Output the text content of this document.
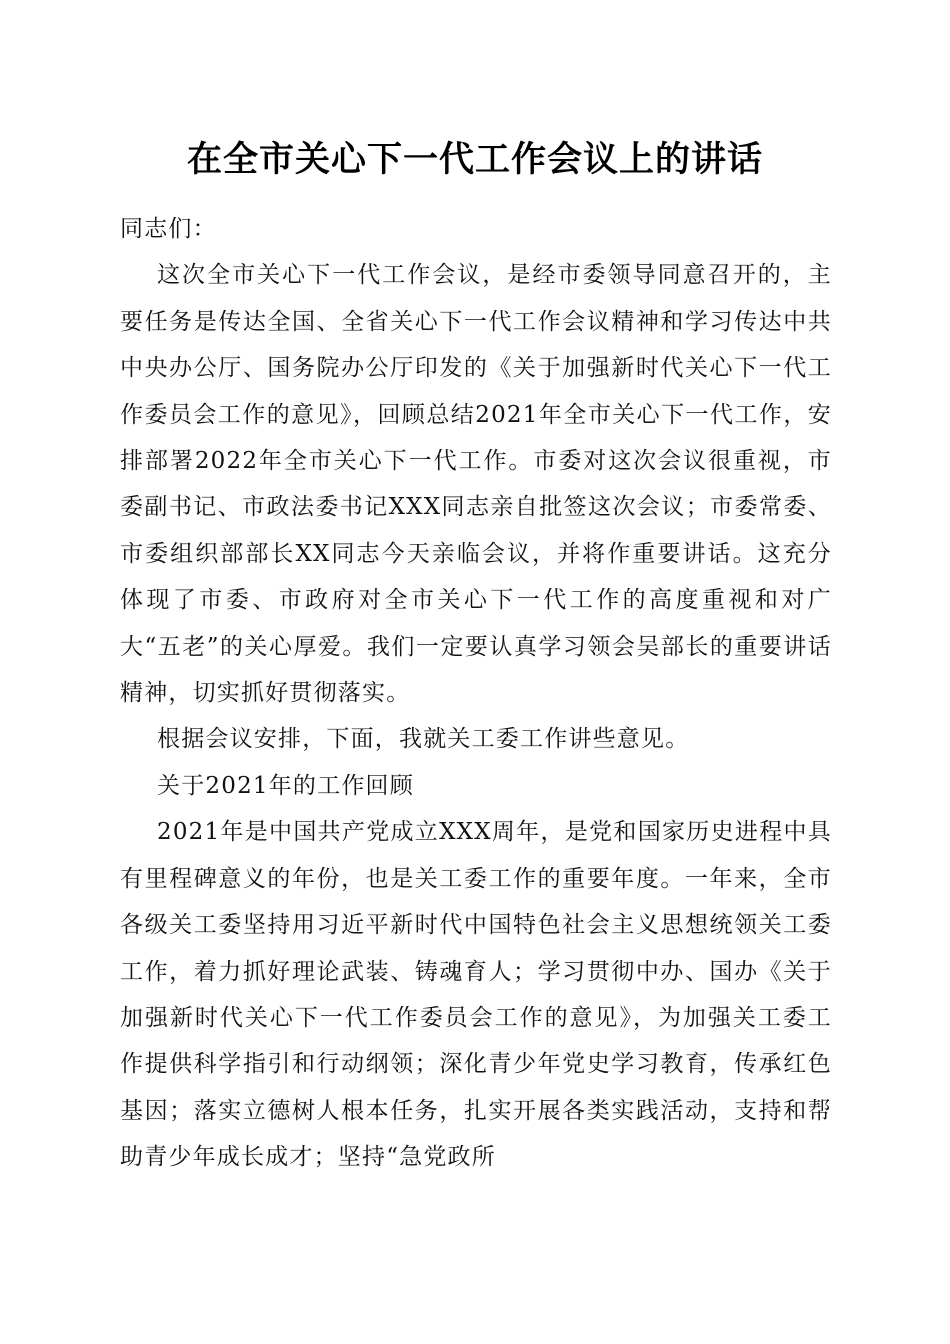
在全市关心下一代工作会议上的讲话

同志们：

这次全市关心下一代工作会议，是经市委领导同意召开的，主要任务是传达全国、全省关心下一代工作会议精神和学习传达中共中央办公厅、国务院办公厅印发的《关于加强新时代关心下一代工作委员会工作的意见》，回顾总结2021年全市关心下一代工作，安排部署2022年全市关心下一代工作。市委对这次会议很重视，市委副书记、市政法委书记XXX同志亲自批签这次会议；市委常委、市委组织部部长XX同志今天亲临会议，并将作重要讲话。这充分体现了市委、市政府对全市关心下一代工作的高度重视和对广大“五老”的关心厚爱。我们一定要认真学习领会吴部长的重要讲话精神，切实抓好贯彻落实。

根据会议安排，下面，我就关工委工作讲些意见。

关于2021年的工作回顾

2021年是中国共产党成立XXX周年，是党和国家历史进程中具有里程碑意义的年份，也是关工委工作的重要年度。一年来，全市各级关工委坚持用习近平新时代中国特色社会主义思想统领关工委工作，着力抓好理论武装、铸魂育人；学习贯彻中办、国办《关于加强新时代关心下一代工作委员会工作的意见》，为加强关工委工作提供科学指引和行动纲领；深化青少年党史学习教育，传承红色基因；落实立德树人根本任务，扎实开展各类实践活动，支持和帮助青少年成长成才；坚持“急党政所
